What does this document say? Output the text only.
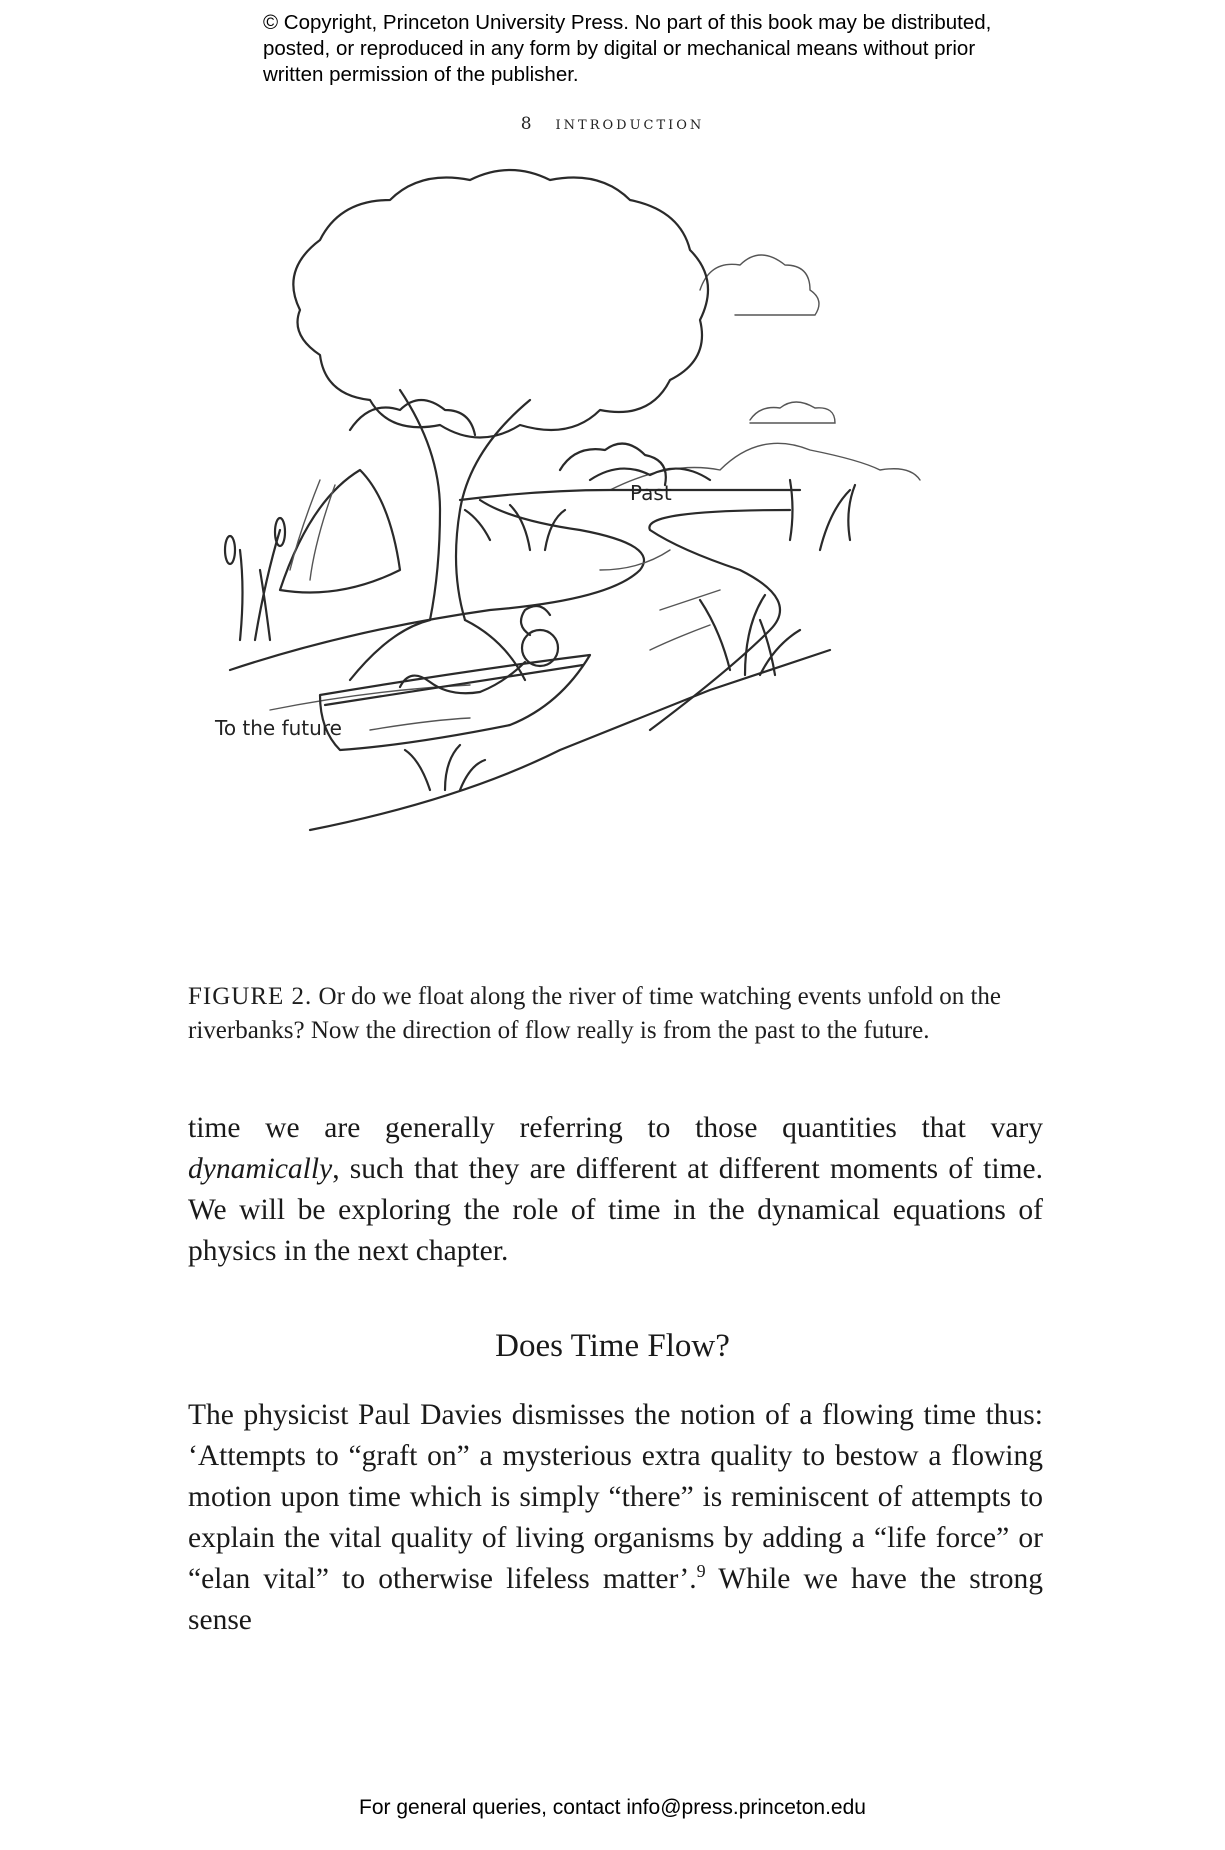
© Copyright, Princeton University Press. No part of this book may be distributed, posted, or reproduced in any form by digital or mechanical means without prior written permission of the publisher.
8 introduction
Past
To the future
FIGURE 2. Or do we float along the river of time watching events unfold on the riverbanks? Now the direction of flow really is from the past to the future.

time we are generally referring to those quantities that vary dynamically, such that they are different at different moments of time. We will be exploring the role of time in the dynamical equations of physics in the next chapter.

Does Time Flow?

The physicist Paul Davies dismisses the notion of a flowing time thus: ‘Attempts to “graft on” a mysterious extra quality to bestow a flowing motion upon time which is simply “there” is reminiscent of attempts to explain the vital quality of living organisms by adding a “life force” or “elan vital” to otherwise lifeless matter’.$^9$ While we have the strong sense

For general queries, contact info@press.princeton.edu
